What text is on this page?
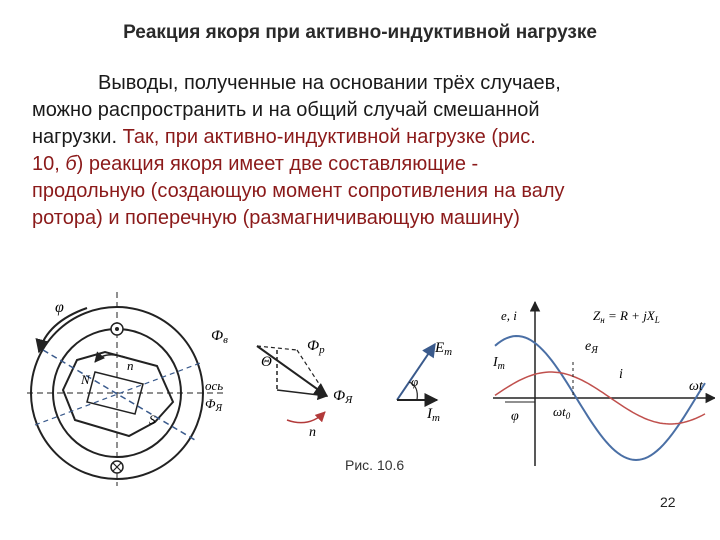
Реакция якоря при активно-индуктивной нагрузке
Выводы, полученные на основании трёх случаев,
можно распространить и на общий случай смешанной
нагрузки. Так, при активно-индуктивной нагрузке (рис.
10, б) реакция якоря имеет две составляющие -
продольную (создающую момент сопротивления на валу
ротора) и поперечную (размагничивающую машину)
φ
n
N
S
ось
$Ф_Я$
$Ф_в$	$Ф_р$
Θ
$Ф_Я$
n
$E_m$
$I_m$
φ
e, i	$Z_н = R + jX_L$
$e_Я$
i
$I_m$
ωt
φ	$\omega t_0$
Рис. 10.6
22
